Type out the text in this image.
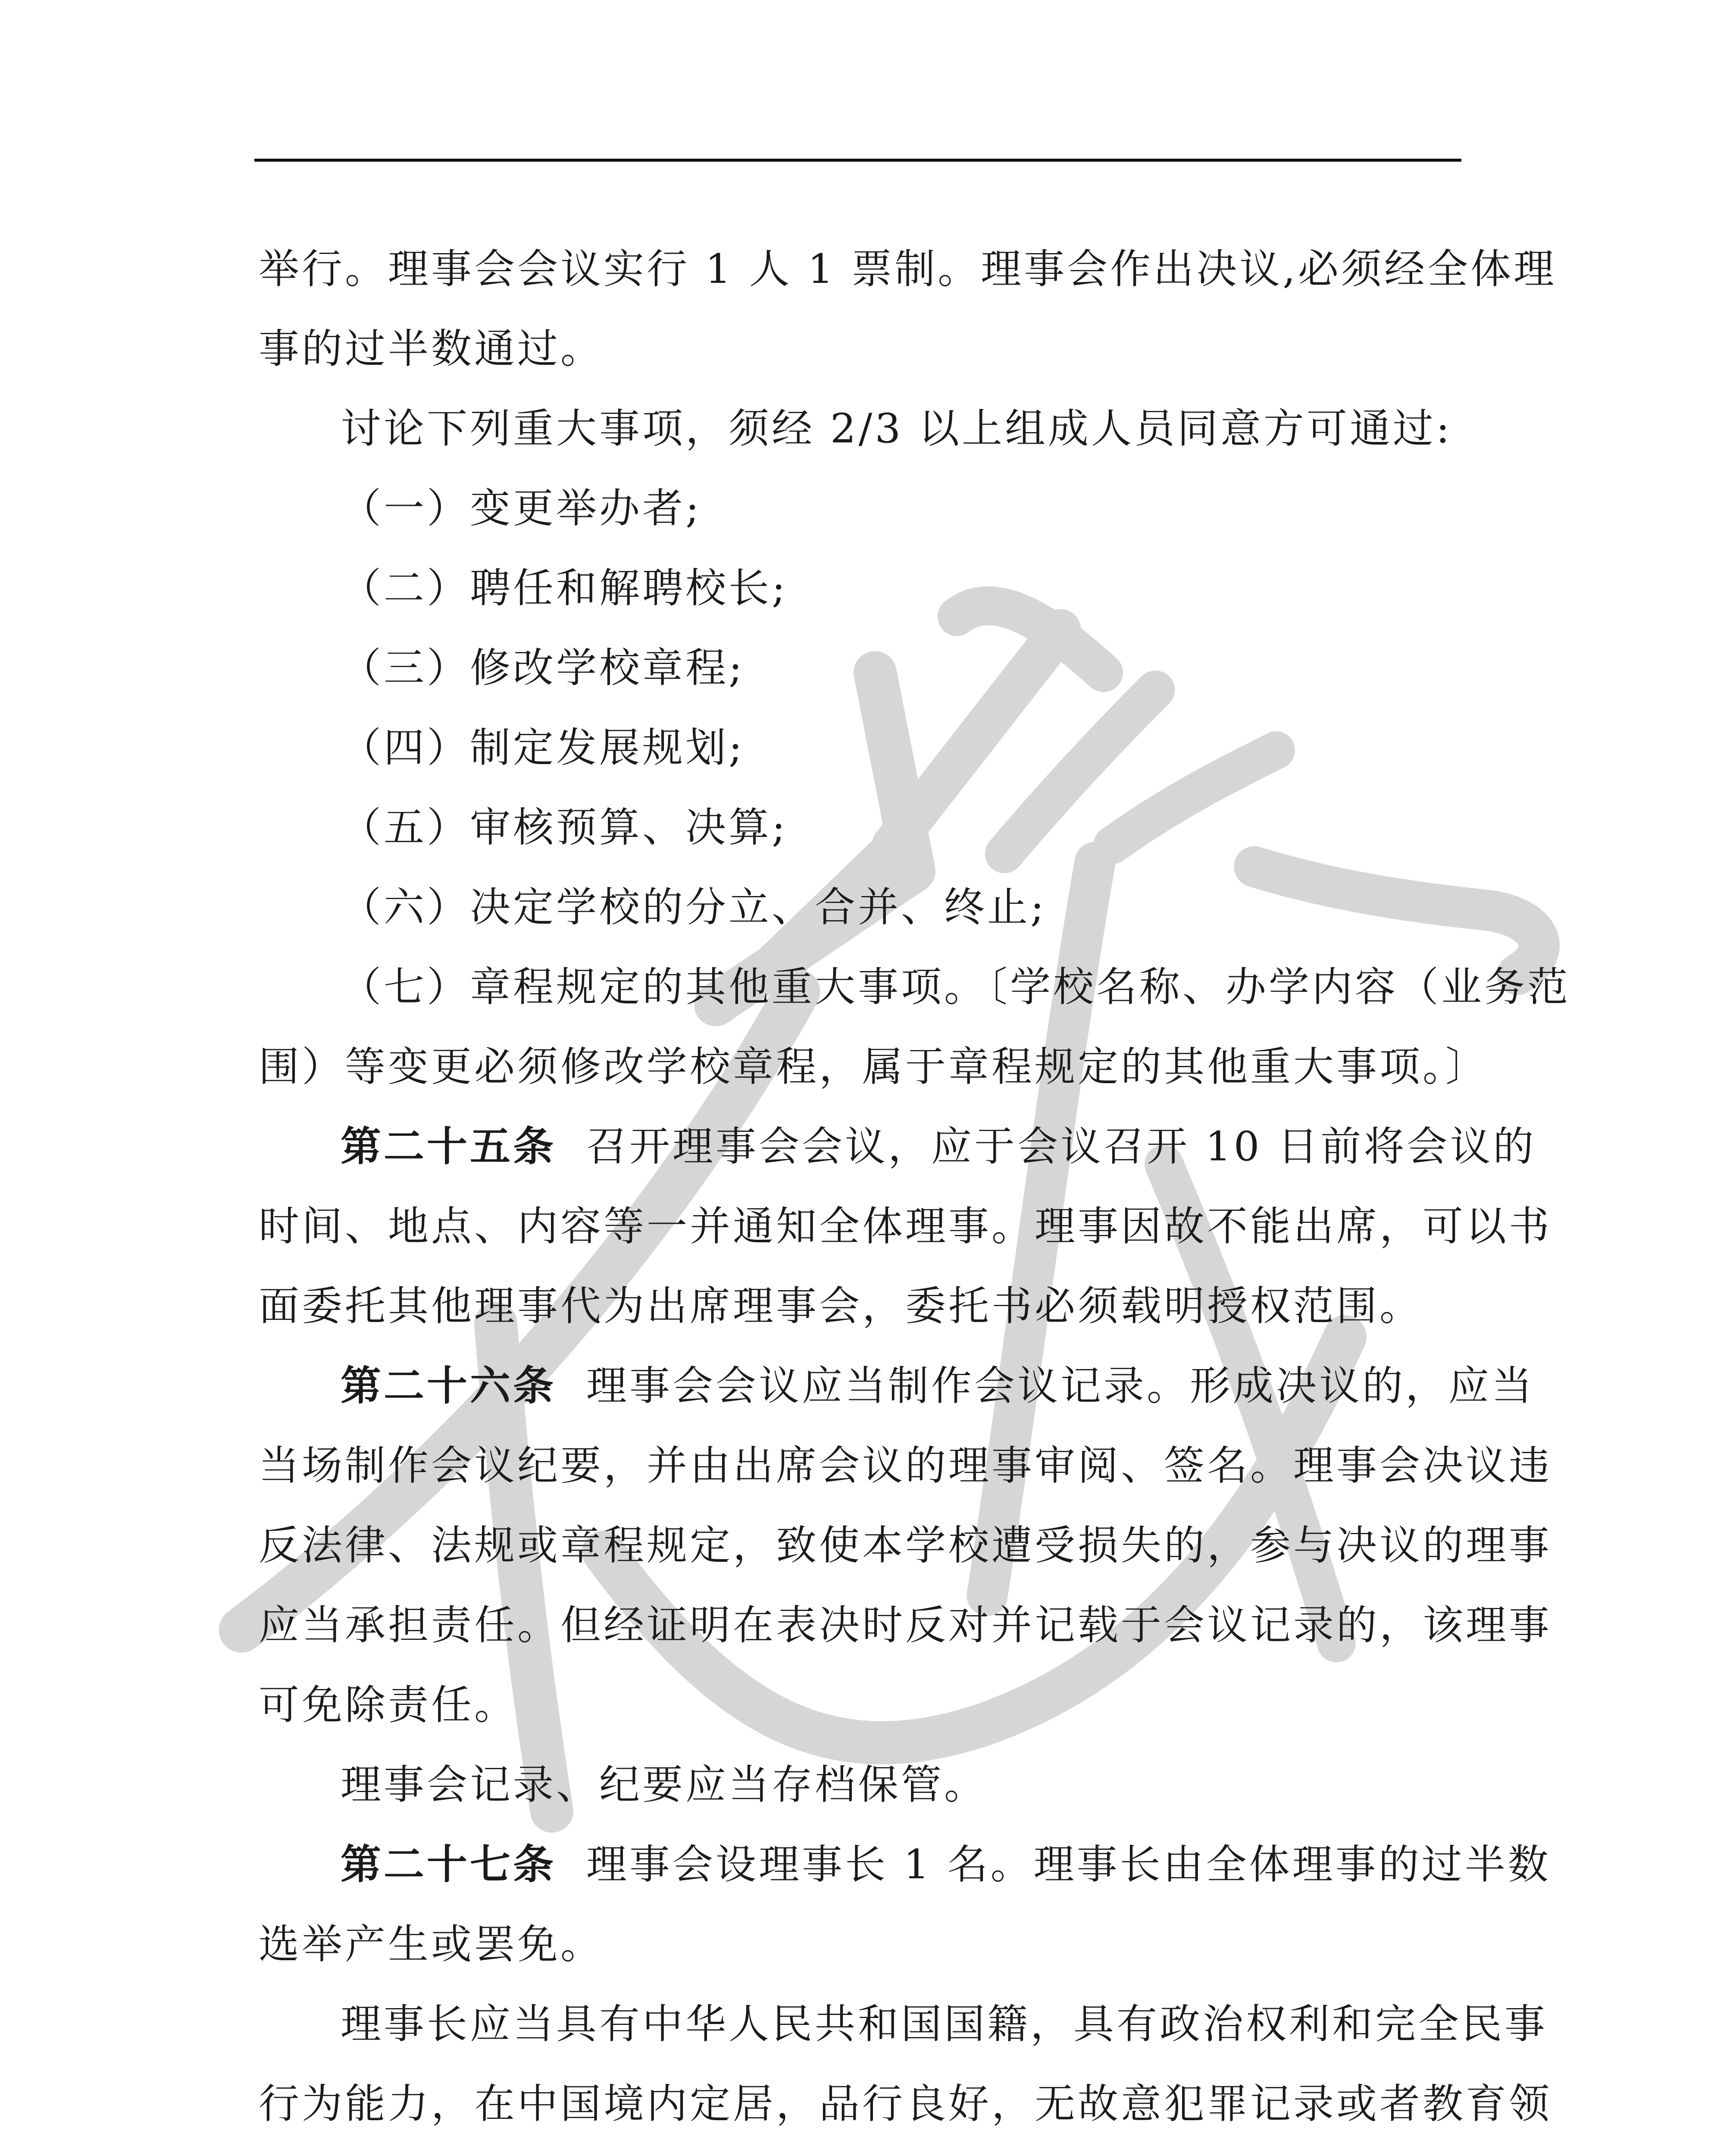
举行。理事会会议实行 1 人 1 票制。理事会作出决议,必须经全体理
事的过半数通过。
讨论下列重大事项，须经 2/3 以上组成人员同意方可通过:
（一）变更举办者;
（二）聘任和解聘校长;
（三）修改学校章程;
（四）制定发展规划;
（五）审核预算、决算;
（六）决定学校的分立、合并、终止;
（七）章程规定的其他重大事项。〔学校名称、办学内容（业务范
围）等变更必须修改学校章程，属于章程规定的其他重大事项。〕
第二十五条 召开理事会会议，应于会议召开 10 日前将会议的
时间、地点、内容等一并通知全体理事。理事因故不能出席，可以书
面委托其他理事代为出席理事会，委托书必须载明授权范围。
第二十六条 理事会会议应当制作会议记录。形成决议的，应当
当场制作会议纪要，并由出席会议的理事审阅、签名。理事会决议违
反法律、法规或章程规定，致使本学校遭受损失的，参与决议的理事
应当承担责任。但经证明在表决时反对并记载于会议记录的，该理事
可免除责任。
理事会记录、纪要应当存档保管。
第二十七条 理事会设理事长 1 名。理事长由全体理事的过半数
选举产生或罢免。
理事长应当具有中华人民共和国国籍，具有政治权利和完全民事
行为能力，在中国境内定居，品行良好，无故意犯罪记录或者教育领
